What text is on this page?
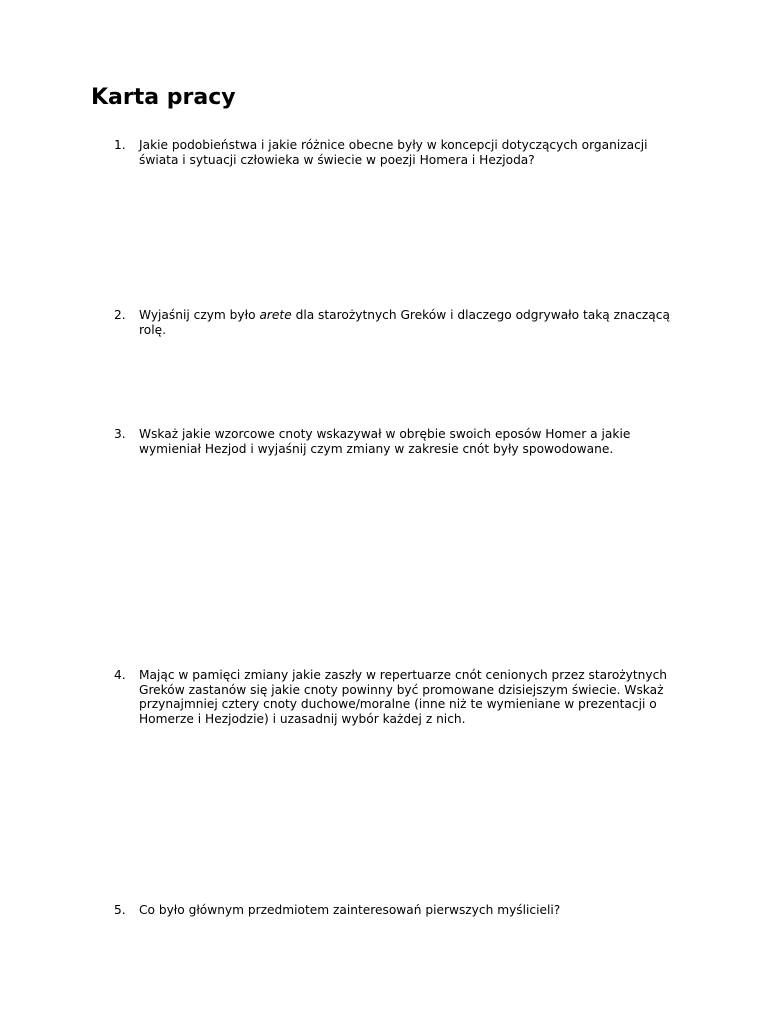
Karta pracy
1.	Jakie podobieństwa i jakie różnice obecne były w koncepcji dotyczących organizacji świata i sytuacji człowieka w świecie w poezji Homera i Hezjoda?
2.	Wyjaśnij czym było arete dla starożytnych Greków i dlaczego odgrywało taką znaczącą rolę.
3.	Wskaż jakie wzorcowe cnoty wskazywał w obrębie swoich eposów Homer a jakie wymieniał Hezjod i wyjaśnij czym zmiany w zakresie cnót były spowodowane.
4.	Mając w pamięci zmiany jakie zaszły w repertuarze cnót cenionych przez starożytnych Greków zastanów się jakie cnoty powinny być promowane dzisiejszym świecie. Wskaż przynajmniej cztery cnoty duchowe/moralne (inne niż te wymieniane w prezentacji o Homerze i Hezjodzie) i uzasadnij wybór każdej z nich.
5.	Co było głównym przedmiotem zainteresowań pierwszych myślicieli?
